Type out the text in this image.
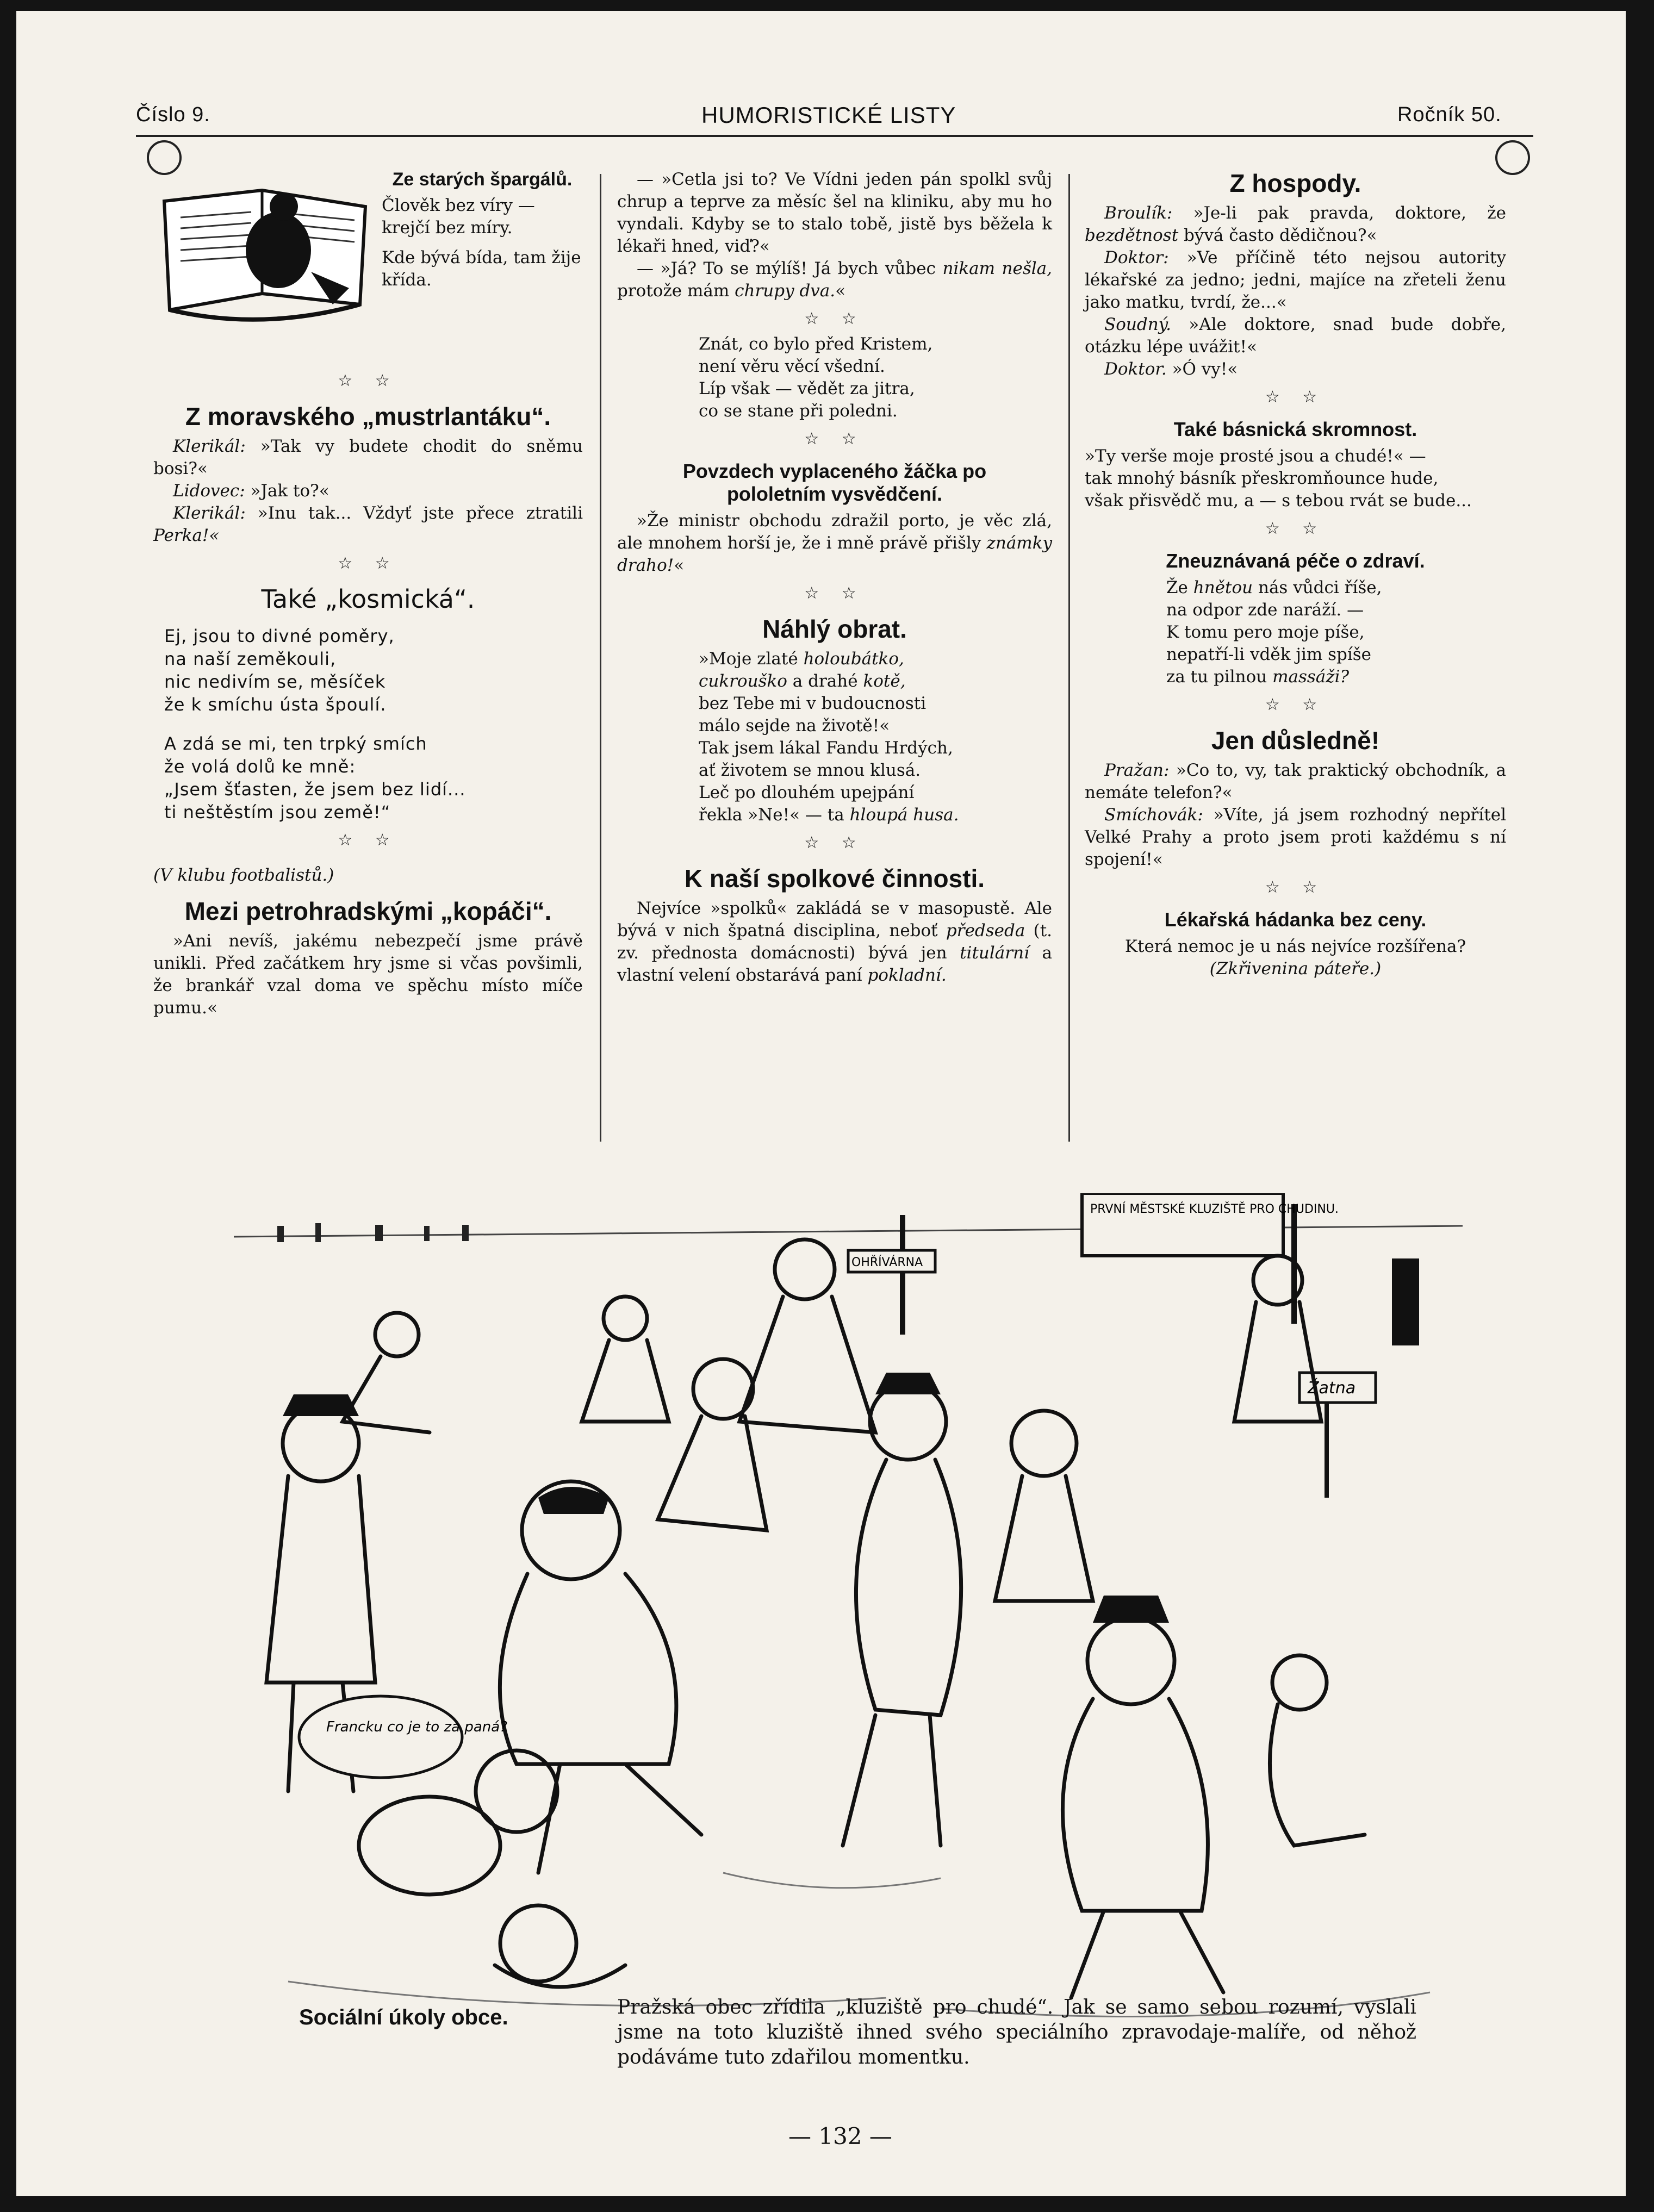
Číslo 9.	HUMORISTICKÉ LISTY	Ročník 50.
Ze starých špargálů.

Člověk bez víry — krejčí bez míry.

Kde bývá bída, tam žije křída.

☆ ☆
Z moravského „mustrlantáku“.

Klerikál: »Tak vy budete chodit do sněmu bosi?«

Lidovec: »Jak to?«

Klerikál: »Inu tak... Vždyť jste přece ztratili Perka!«

☆ ☆
Také „kosmická“.
Ej, jsou to divné poměry,
na naší zeměkouli,
nic nedivím se, měsíček
že k smíchu ústa špoulí.
A zdá se mi, ten trpký smích
že volá dolů ke mně:
„Jsem šťasten, že jsem bez lidí...
ti neštěstím jsou země!“
☆ ☆

(V klubu footbalistů.)

Mezi petrohradskými „kopáči“.

»Ani nevíš, jakému nebezpečí jsme právě unikli. Před začátkem hry jsme si včas povšimli, že brankář vzal doma ve spěchu místo míče pumu.«

— »Cetla jsi to? Ve Vídni jeden pán spolkl svůj chrup a teprve za měsíc šel na kliniku, aby mu ho vyndali. Kdyby se to stalo tobě, jistě bys běžela k lékaři hned, viď?«

— »Já? To se mýlíš! Já bych vůbec nikam nešla, protože mám chrupy dva.«

☆ ☆
Znát, co bylo před Kristem,
není věru věcí všední.
Líp však — vědět za jitra,
co se stane při poledni.
☆ ☆
Povzdech vyplaceného žáčka po pololetním vysvědčení.

»Že ministr obchodu zdražil porto, je věc zlá, ale mnohem horší je, že i mně právě přišly známky draho!«

☆ ☆
Náhlý obrat.
»Moje zlaté holoubátko,
cukrouško a drahé kotě,
bez Tebe mi v budoucnosti
málo sejde na životě!«
Tak jsem lákal Fandu Hrdých,
ať životem se mnou klusá.
Leč po dlouhém upejpání
řekla »Ne!« — ta hloupá husa.
☆ ☆
K naší spolkové činnosti.

Nejvíce »spolků« zakládá se v masopustě. Ale bývá v nich špatná disciplina, neboť předseda (t. zv. přednosta domácnosti) bývá jen titulární a vlastní velení obstarává paní pokladní.

Z hospody.

Broulík: »Je-li pak pravda, doktore, že bezdětnost bývá často dědičnou?«

Doktor: »Ve příčině této nejsou autority lékařské za jedno; jedni, majíce na zřeteli ženu jako matku, tvrdí, že...«

Soudný. »Ale doktore, snad bude dobře, otázku lépe uvážit!«

Doktor. »Ó vy!«

☆ ☆
Také básnická skromnost.

»Ty verše moje prosté jsou a chudé!« —

tak mnohý básník přeskromňounce hude,

však přisvědč mu, a — s tebou rvát se bude...

☆ ☆
Zneuznávaná péče o zdraví.
Že hnětou nás vůdci říše,
na odpor zde naráží. —
K tomu pero moje píše,
nepatří-li vděk jim spíše
za tu pilnou massáži?
☆ ☆
Jen důsledně!

Pražan: »Co to, vy, tak praktický obchodník, a nemáte telefon?«

Smíchovák: »Víte, já jsem rozhodný nepřítel Velké Prahy a proto jsem proti každému s ní spojení!«

☆ ☆
Lékařská hádanka bez ceny.

Která nemoc je u nás nejvíce rozšířena?

(Zkřivenina páteře.)

PRVNÍ MĚSTSKÉ KLUZIŠTĚ PRO CHUDINU.
OHŘÍVÁRNA
Žatna
Francku co je to za paná?
Sociální úkoly obce.	Pražská obec zřídila „kluziště pro chudé“. Jak se samo sebou rozumí, vyslali jsme na toto kluziště ihned svého speciálního zpravodaje-malíře, od něhož podáváme tuto zdařilou momentku.
— 132 —
